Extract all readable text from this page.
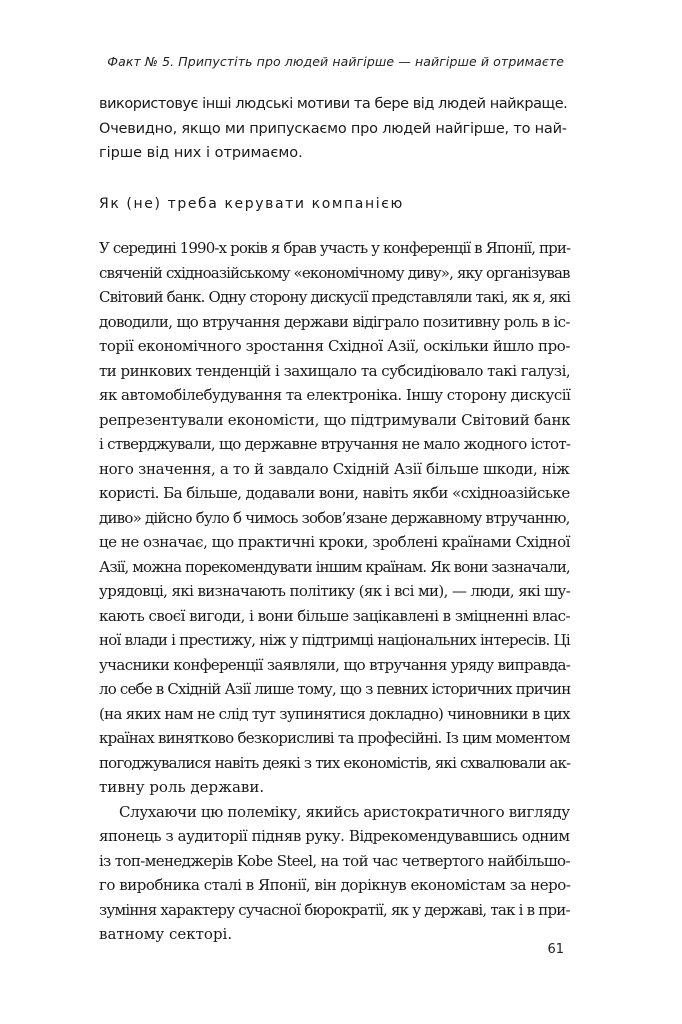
Факт № 5. Припустіть про людей найгірше — найгірше й отримаєте

використовує інші людські мотиви та бере від людей найкраще.
Очевидно, якщо ми припускаємо про людей найгірше, то най-
гірше від них і отримаємо.

Як (не) треба керувати компанією

У середині 1990-х років я брав участь у конференції в Японії, при-
свяченій східноазійському «економічному диву», яку організував
Світовий банк. Одну сторону дискусії представляли такі, як я, які
доводили, що втручання держави відіграло позитивну роль в іс-
торії економічного зростання Східної Азії, оскільки йшло про-
ти ринкових тенденцій і захищало та субсидіювало такі галузі,
як автомобілебудування та електроніка. Іншу сторону дискусії
репрезентували економісти, що підтримували Світовий банк
і стверджували, що державне втручання не мало жодного істот-
ного значення, а то й завдало Східній Азії більше шкоди, ніж
користі. Ба більше, додавали вони, навіть якби «східноазійське
диво» дійсно було б чимось зобов’язане державному втручанню,
це не означає, що практичні кроки, зроблені країнами Східної
Азії, можна порекомендувати іншим країнам. Як вони зазначали,
урядовці, які визначають політику (як і всі ми), — люди, які шу-
кають своєї вигоди, і вони більше зацікавлені в зміцненні влас-
ної влади і престижу, ніж у підтримці національних інтересів. Ці
учасники конференції заявляли, що втручання уряду виправда-
ло себе в Східній Азії лише тому, що з певних історичних причин
(на яких нам не слід тут зупинятися докладно) чиновники в цих
країнах винятково безкорисливі та професійні. Із цим моментом
погоджувалися навіть деякі з тих економістів, які схвалювали ак-
тивну роль держави.

Слухаючи цю полеміку, якийсь аристократичного вигляду
японець з аудиторії підняв руку. Відрекомендувавшись одним
із топ-менеджерів Kobe Steel, на той час четвертого найбільшо-
го виробника сталі в Японії, він дорікнув економістам за неро-
зуміння характеру сучасної бюрократії, як у державі, так і в при-
ватному секторі.

61
